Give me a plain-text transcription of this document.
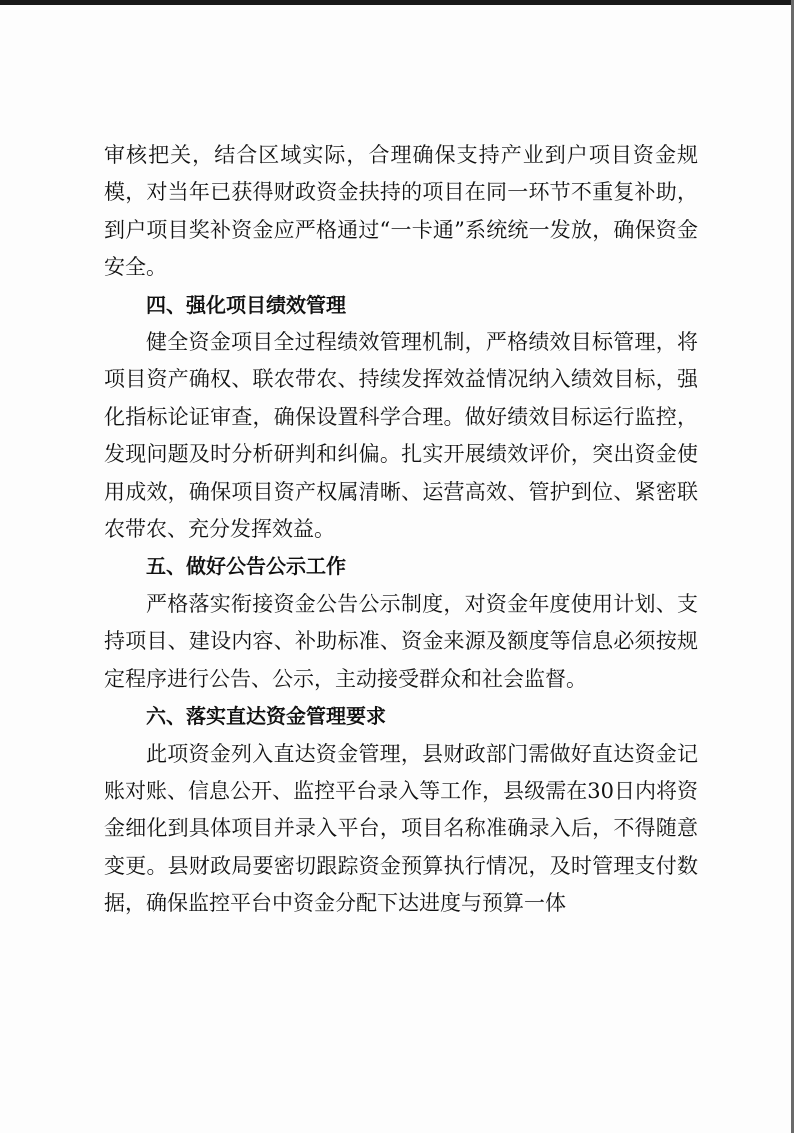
审核把关，结合区域实际，合理确保支持产业到户项目资金规模，对当年已获得财政资金扶持的项目在同一环节不重复补助，到户项目奖补资金应严格通过“一卡通”系统统一发放，确保资金安全。

四、强化项目绩效管理

健全资金项目全过程绩效管理机制，严格绩效目标管理，将项目资产确权、联农带农、持续发挥效益情况纳入绩效目标，强化指标论证审查，确保设置科学合理。做好绩效目标运行监控，发现问题及时分析研判和纠偏。扎实开展绩效评价，突出资金使用成效，确保项目资产权属清晰、运营高效、管护到位、紧密联农带农、充分发挥效益。

五、做好公告公示工作

严格落实衔接资金公告公示制度，对资金年度使用计划、支持项目、建设内容、补助标准、资金来源及额度等信息必须按规定程序进行公告、公示，主动接受群众和社会监督。

六、落实直达资金管理要求

此项资金列入直达资金管理，县财政部门需做好直达资金记账对账、信息公开、监控平台录入等工作，县级需在30日内将资金细化到具体项目并录入平台，项目名称准确录入后，不得随意变更。县财政局要密切跟踪资金预算执行情况，及时管理支付数据，确保监控平台中资金分配下达进度与预算一体
